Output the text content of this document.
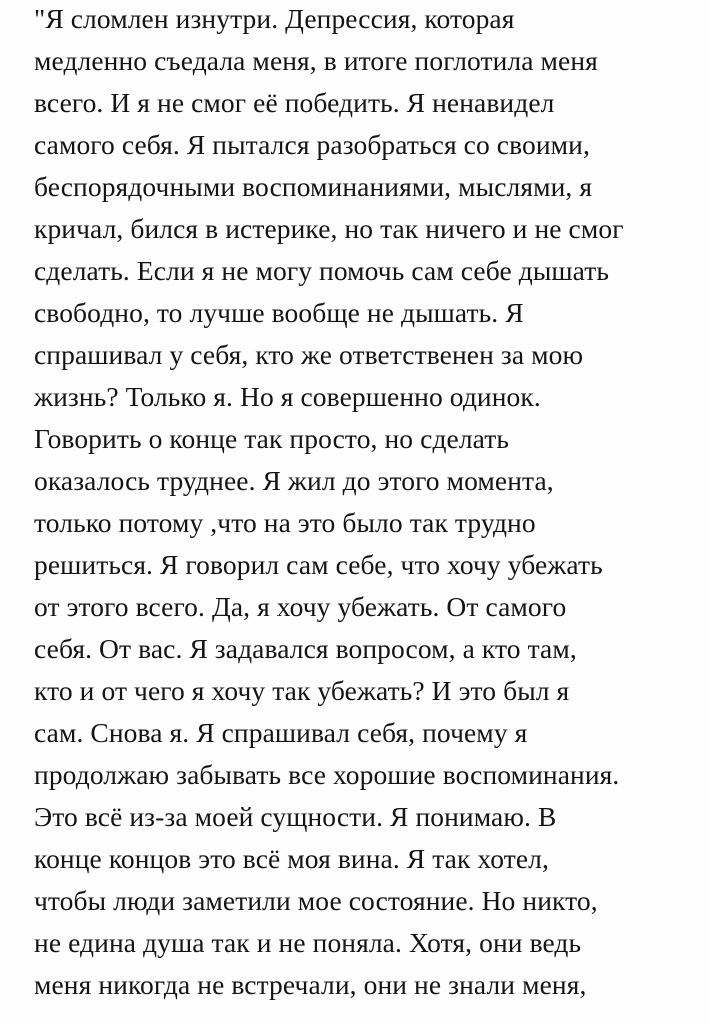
"Я сломлен изнутри. Депрессия, которая
медленно съедала меня, в итоге поглотила меня
всего. И я не смог её победить. Я ненавидел
самого себя. Я пытался разобраться со своими,
беспорядочными воспоминаниями, мыслями, я
кричал, бился в истерике, но так ничего и не смог
сделать. Если я не могу помочь сам себе дышать
свободно, то лучше вообще не дышать. Я
спрашивал у себя, кто же ответственен за мою
жизнь? Только я. Но я совершенно одинок.
Говорить о конце так просто, но сделать
оказалось труднее. Я жил до этого момента,
только потому ,что на это было так трудно
решиться. Я говорил сам себе, что хочу убежать
от этого всего. Да, я хочу убежать. От самого
себя. От вас. Я задавался вопросом, а кто там,
кто и от чего я хочу так убежать? И это был я
сам. Снова я. Я спрашивал себя, почему я
продолжаю забывать все хорошие воспоминания.
Это всё из-за моей сущности. Я понимаю. В
конце концов это всё моя вина. Я так хотел,
чтобы люди заметили мое состояние. Но никто,
не едина душа так и не поняла. Хотя, они ведь
меня никогда не встречали, они не знали меня,
